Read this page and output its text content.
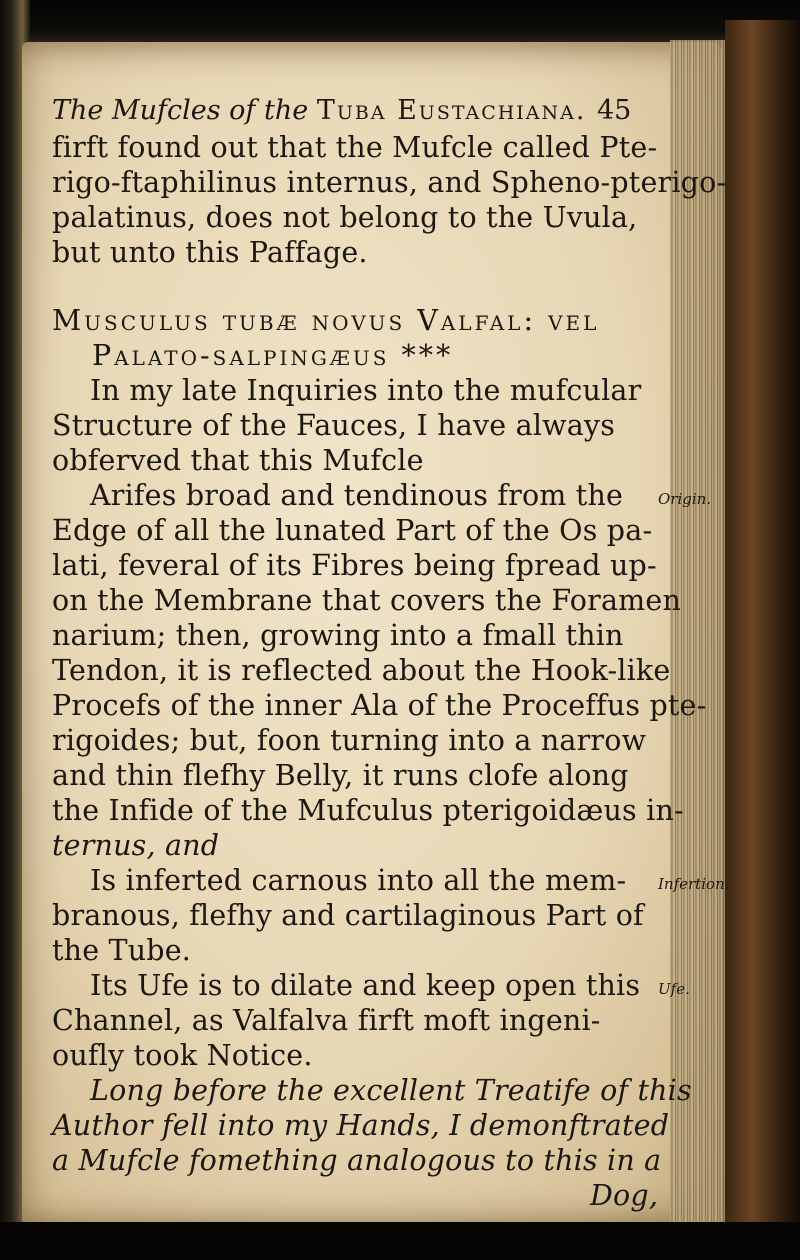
The Mufcles of the Tuba Eustachiana. 45
firft found out that the Mufcle called Pte-
rigo-ftaphilinus internus, and Spheno-pterigo-
palatinus, does not belong to the Uvula,
but unto this Paffage.
Musculus tubæ novus Valfal: vel
Palato-salpingæus ***
In my late Inquiries into the mufcular
Structure of the Fauces, I have always
obferved that this Mufcle
Arifes broad and tendinous from the
Edge of all the lunated Part of the Os pa-
lati, feveral of its Fibres being fpread up-
on the Membrane that covers the Foramen
narium; then, growing into a fmall thin
Tendon, it is reflected about the Hook-like
Procefs of the inner Ala of the Proceffus pte-
rigoides; but, foon turning into a narrow
and thin flefhy Belly, it runs clofe along
the Infide of the Mufculus pterigoidæus in-
ternus, and
Is inferted carnous into all the mem-
branous, flefhy and cartilaginous Part of
the Tube.
Its Ufe is to dilate and keep open this
Channel, as Valfalva firft moft ingeni-
oufly took Notice.
Long before the excellent Treatife of this
Author fell into my Hands, I demonftrated
a Mufcle fomething analogous to this in a
Dog,
Origin.
Infertion.
Ufe.
